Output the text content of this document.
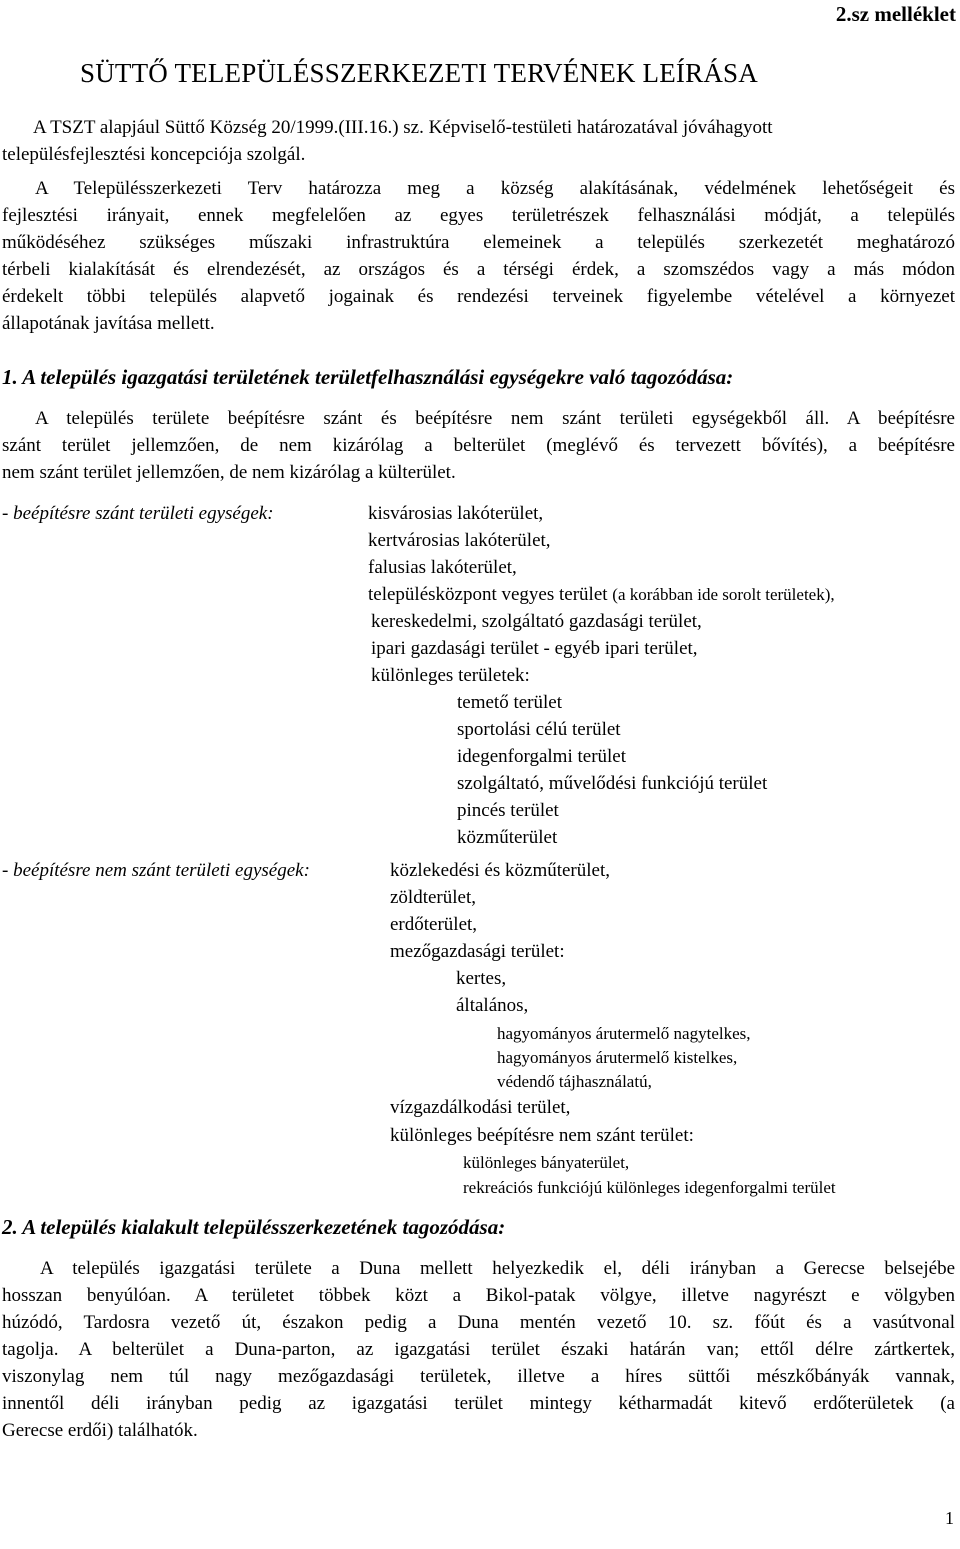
2.sz melléklet
SÜTTŐ TELEPÜLÉSSZERKEZETI TERVÉNEK LEÍRÁSA
A TSZT alapjául Süttő Község 20/1999.(III.16.) sz. Képviselő-testületi határozatával jóváhagyott
településfejlesztési koncepciója szolgál.
A Településszerkezeti Terv határozza meg a község alakításának, védelmének lehetőségeit és
fejlesztési irányait, ennek megfelelően az egyes területrészek felhasználási módját, a település
működéséhez szükséges műszaki infrastruktúra elemeinek a település szerkezetét meghatározó
térbeli kialakítását és elrendezését, az országos és a térségi érdek, a szomszédos vagy a más módon
érdekelt többi település alapvető jogainak és rendezési terveinek figyelembe vételével a környezet
állapotának javítása mellett.
1. A település igazgatási területének területfelhasználási egységekre való tagozódása:
A település területe beépítésre szánt és beépítésre nem szánt területi egységekből áll. A beépítésre
szánt terület jellemzően, de nem kizárólag a belterület (meglévő és tervezett bővítés), a beépítésre
nem szánt terület jellemzően, de nem kizárólag a külterület.
- beépítésre szánt területi egységek:	kisvárosias lakóterület,
kertvárosias lakóterület,
falusias lakóterület,
településközpont vegyes terület (a korábban ide sorolt területek),
kereskedelmi, szolgáltató gazdasági terület,
ipari gazdasági terület - egyéb ipari terület,
különleges területek:
temető terület
sportolási célú terület
idegenforgalmi terület
szolgáltató, művelődési funkciójú terület
pincés terület
közműterület
- beépítésre nem szánt területi egységek:	közlekedési és közműterület,
zöldterület,
erdőterület,
mezőgazdasági terület:
kertes,
általános,
hagyományos árutermelő nagytelkes,
hagyományos árutermelő kistelkes,
védendő tájhasználatú,
vízgazdálkodási terület,
különleges beépítésre nem szánt terület:
különleges bányaterület,
rekreációs funkciójú különleges idegenforgalmi terület
2. A település kialakult településszerkezetének tagozódása:
A település igazgatási területe a Duna mellett helyezkedik el, déli irányban a Gerecse belsejébe
hosszan benyúlóan. A területet többek közt a Bikol-patak völgye, illetve nagyrészt e völgyben
húzódó, Tardosra vezető út, északon pedig a Duna mentén vezető 10. sz. főút és a vasútvonal
tagolja. A belterület a Duna-parton, az igazgatási terület északi határán van; ettől délre zártkertek,
viszonylag nem túl nagy mezőgazdasági területek, illetve a híres süttői mészkőbányák vannak,
innentől déli irányban pedig az igazgatási terület mintegy kétharmadát kitevő erdőterületek (a
Gerecse erdői) találhatók.
1
